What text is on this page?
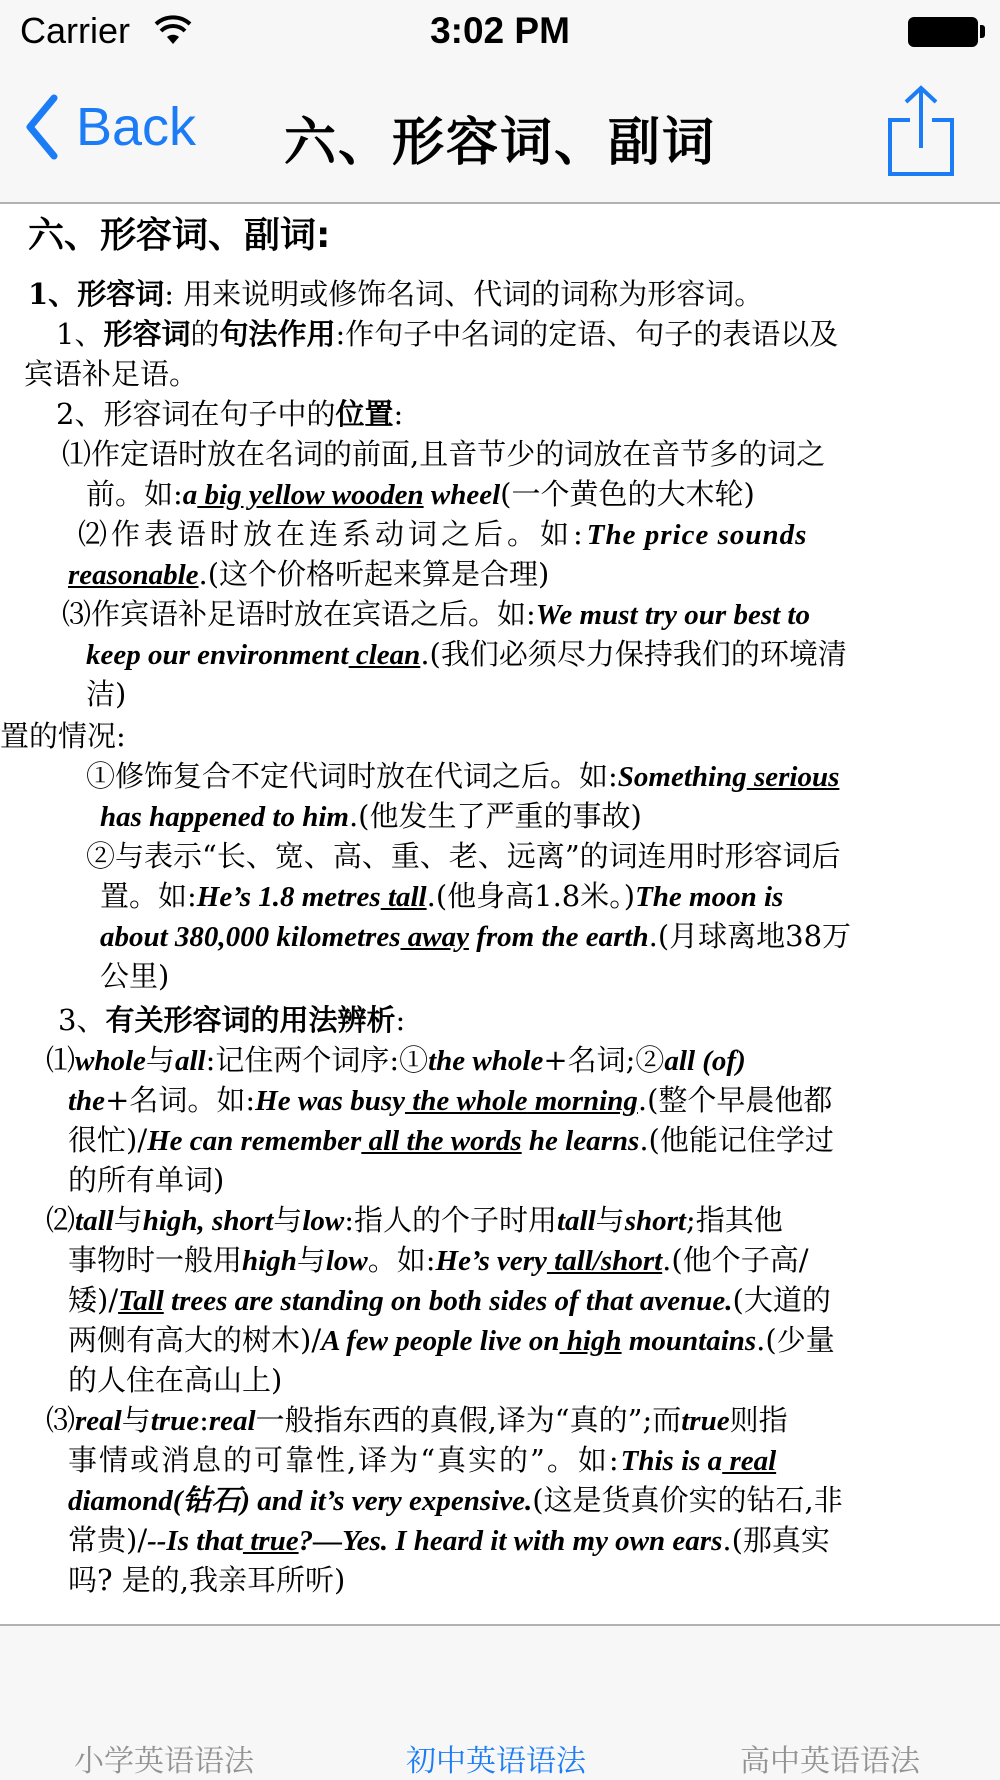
Carrier	3:02 PM
Back	六、形容词、副词

六、形容词、副词:

1、形容词: 用来说明或修饰名词、代词的词称为形容词。

1、形容词的句法作用:作句子中名词的定语、句子的表语以及

宾语补足语。

2、形容词在句子中的位置:

⑴作定语时放在名词的前面,且音节少的词放在音节多的词之

前。如:a big yellow wooden wheel(一个黄色的大木轮)

⑵作表语时放在连系动词之后。如:The price sounds

reasonable.(这个价格听起来算是合理)

⑶作宾语补足语时放在宾语之后。如:We must try our best to

keep our environment clean.(我们必须尽力保持我们的环境清

洁)

置的情况:

①修饰复合不定代词时放在代词之后。如:Something serious

has happened to him.(他发生了严重的事故)

②与表示“长、宽、高、重、老、远离”的词连用时形容词后

置。如:He’s 1.8 metres tall.(他身高1.8米。)The moon is

about 380,000 kilometres away from the earth.(月球离地38万

公里)

3、有关形容词的用法辨析:

⑴whole与all:记住两个词序:①the whole+名词;②all (of)

the+名词。如:He was busy the whole morning.(整个早晨他都

很忙)/He can remember all the words he learns.(他能记住学过

的所有单词)

⑵tall与high, short与low:指人的个子时用tall与short;指其他

事物时一般用high与low。如:He’s very tall/short.(他个子高/

矮)/Tall trees are standing on both sides of that avenue.(大道的

两侧有高大的树木)/A few people live on high mountains.(少量

的人住在高山上)

⑶real与true:real一般指东西的真假,译为“真的”;而true则指

事情或消息的可靠性,译为“真实的”。如:This is a real

diamond(钻石) and it’s very expensive.(这是货真价实的钻石,非

常贵)/--Is that true?—Yes. I heard it with my own ears.(那真实

吗? 是的,我亲耳所听)

小学英语语法	初中英语语法	高中英语语法
